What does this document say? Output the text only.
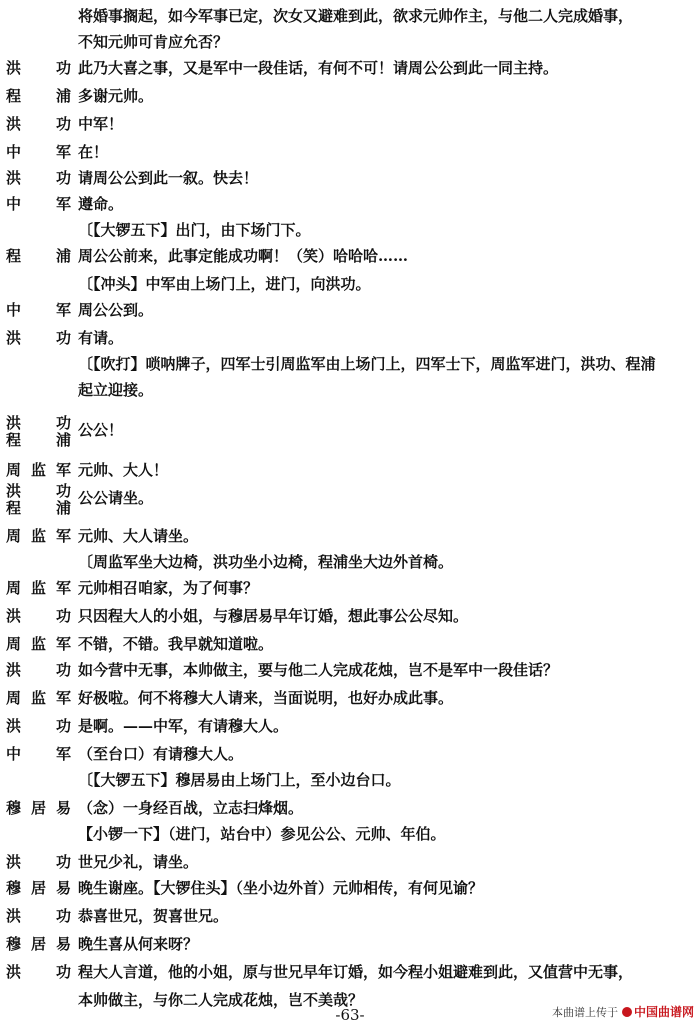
将婚事搁起，如今军事已定，次女又避难到此，欲求元帅作主，与他二人完成婚事，
不知元帅可肯应允否？
洪　功
此乃大喜之事，又是军中一段佳话，有何不可！请周公公到此一同主持。
程　浦
多谢元帅。
洪　功
中军！
中　军
在！
洪　功
请周公公到此一叙。快去！
中　军
遵命。
〔【大锣五下】出门，由下场门下。
程　浦
周公公前来，此事定能成功啊！（笑）哈哈哈……
〔【冲头】中军由上场门上，进门，向洪功。
中　军
周公公到。
洪　功
有请。
〔【吹打】唢呐牌子，四军士引周监军由上场门上，四军士下，周监军进门，洪功、程浦
起立迎接。
洪　功
程　浦
公公！
周监军
元帅、大人！
洪　功
程　浦
公公请坐。
周监军
元帅、大人请坐。
〔周监军坐大边椅，洪功坐小边椅，程浦坐大边外首椅。
周监军
元帅相召咱家，为了何事？
洪　功
只因程大人的小姐，与穆居易早年订婚，想此事公公尽知。
周监军
不错，不错。我早就知道啦。
洪　功
如今营中无事，本帅做主，要与他二人完成花烛，岂不是军中一段佳话？
周监军
好极啦。何不将穆大人请来，当面说明，也好办成此事。
洪　功
是啊。——中军，有请穆大人。
中　军
（至台口）有请穆大人。
〔【大锣五下】穆居易由上场门上，至小边台口。
穆居易
（念）一身经百战，立志扫烽烟。
【小锣一下】（进门，站台中）参见公公、元帅、年伯。
洪　功
世兄少礼，请坐。
穆居易
晚生谢座。【大锣住头】（坐小边外首）元帅相传，有何见谕？
洪　功
恭喜世兄，贺喜世兄。
穆居易
晚生喜从何来呀？
洪　功
程大人言道，他的小姐，原与世兄早年订婚，如今程小姐避难到此，又值营中无事，
本帅做主，与你二人完成花烛，岂不美哉？
-63-	本曲谱上传于 中国曲谱网
